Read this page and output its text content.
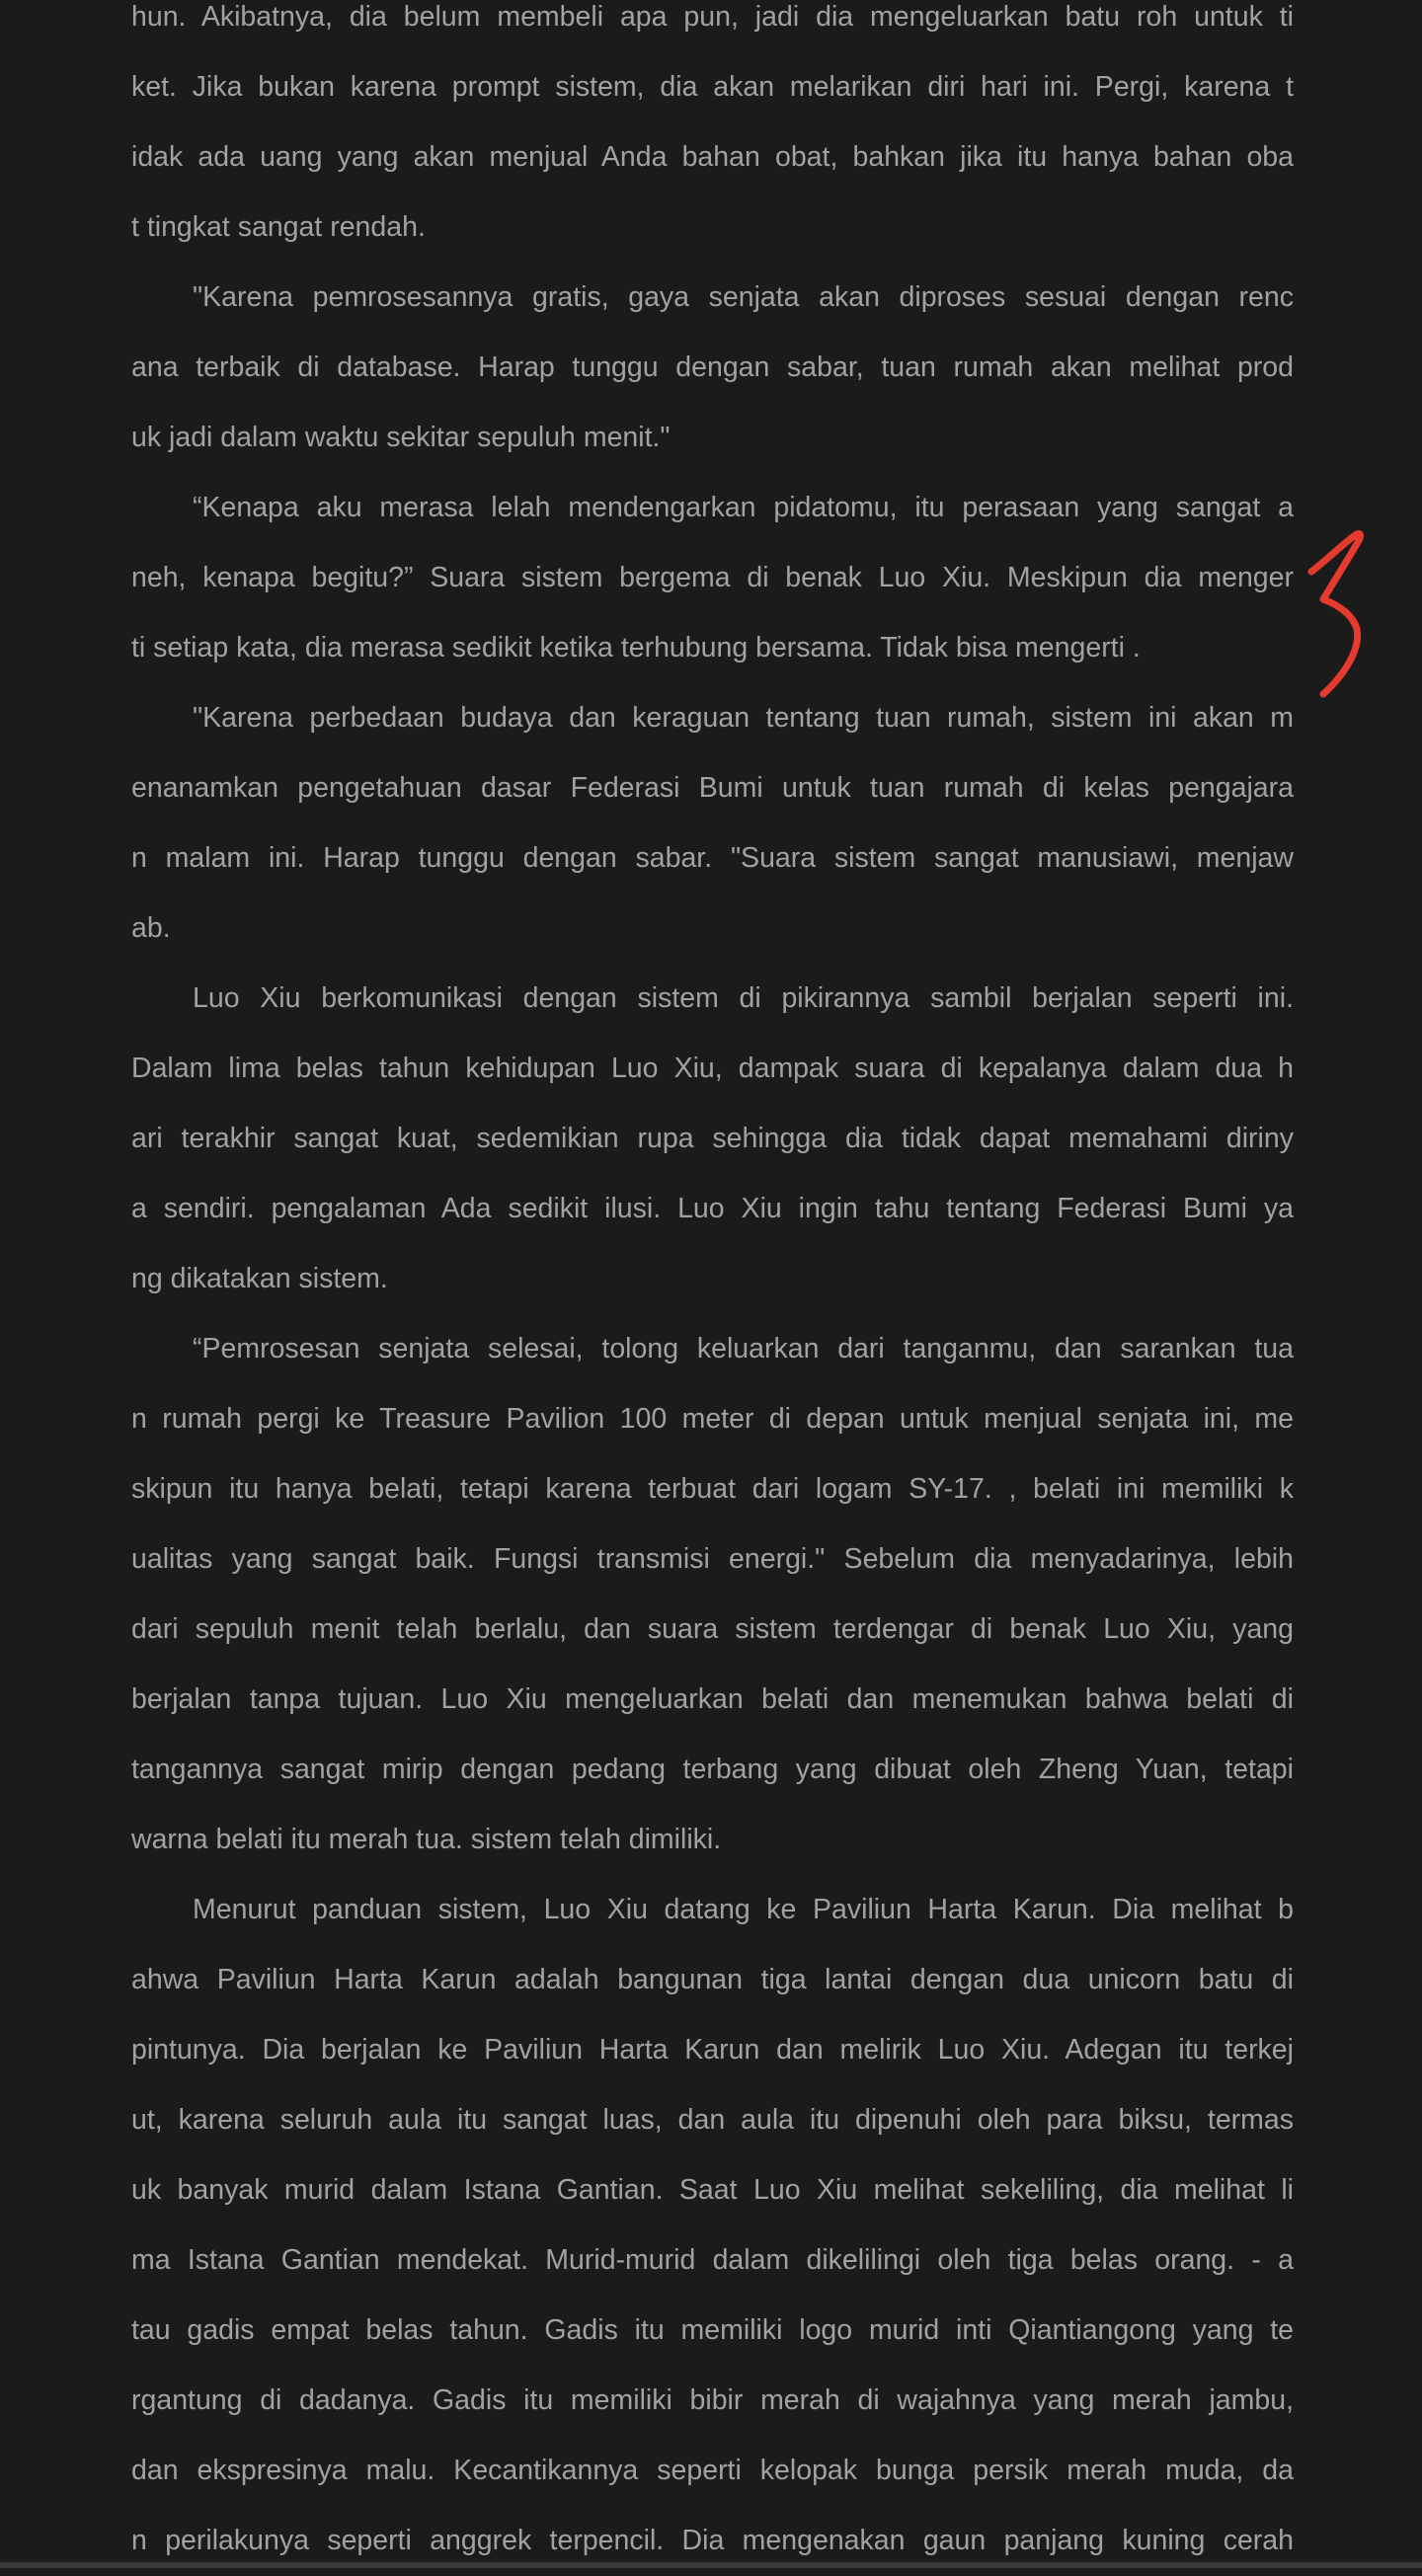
hun. Akibatnya, dia belum membeli apa pun, jadi dia mengeluarkan batu roh untuk ti
ket. Jika bukan karena prompt sistem, dia akan melarikan diri hari ini. Pergi, karena t
idak ada uang yang akan menjual Anda bahan obat, bahkan jika itu hanya bahan oba
t tingkat sangat rendah.
"Karena pemrosesannya gratis, gaya senjata akan diproses sesuai dengan renc
ana terbaik di database. Harap tunggu dengan sabar, tuan rumah akan melihat prod
uk jadi dalam waktu sekitar sepuluh menit."
“Kenapa aku merasa lelah mendengarkan pidatomu, itu perasaan yang sangat a
neh, kenapa begitu?” Suara sistem bergema di benak Luo Xiu. Meskipun dia menger
ti setiap kata, dia merasa sedikit ketika terhubung bersama. Tidak bisa mengerti .
"Karena perbedaan budaya dan keraguan tentang tuan rumah, sistem ini akan m
enanamkan pengetahuan dasar Federasi Bumi untuk tuan rumah di kelas pengajara
n malam ini. Harap tunggu dengan sabar. "Suara sistem sangat manusiawi, menjaw
ab.
Luo Xiu berkomunikasi dengan sistem di pikirannya sambil berjalan seperti ini.
Dalam lima belas tahun kehidupan Luo Xiu, dampak suara di kepalanya dalam dua h
ari terakhir sangat kuat, sedemikian rupa sehingga dia tidak dapat memahami diriny
a sendiri. pengalaman Ada sedikit ilusi. Luo Xiu ingin tahu tentang Federasi Bumi ya
ng dikatakan sistem.
“Pemrosesan senjata selesai, tolong keluarkan dari tanganmu, dan sarankan tua
n rumah pergi ke Treasure Pavilion 100 meter di depan untuk menjual senjata ini, me
skipun itu hanya belati, tetapi karena terbuat dari logam SY-17. , belati ini memiliki k
ualitas yang sangat baik. Fungsi transmisi energi." Sebelum dia menyadarinya, lebih
dari sepuluh menit telah berlalu, dan suara sistem terdengar di benak Luo Xiu, yang
berjalan tanpa tujuan. Luo Xiu mengeluarkan belati dan menemukan bahwa belati di
tangannya sangat mirip dengan pedang terbang yang dibuat oleh Zheng Yuan, tetapi
warna belati itu merah tua. sistem telah dimiliki.
Menurut panduan sistem, Luo Xiu datang ke Paviliun Harta Karun. Dia melihat b
ahwa Paviliun Harta Karun adalah bangunan tiga lantai dengan dua unicorn batu di
pintunya. Dia berjalan ke Paviliun Harta Karun dan melirik Luo Xiu. Adegan itu terkej
ut, karena seluruh aula itu sangat luas, dan aula itu dipenuhi oleh para biksu, termas
uk banyak murid dalam Istana Gantian. Saat Luo Xiu melihat sekeliling, dia melihat li
ma Istana Gantian mendekat. Murid-murid dalam dikelilingi oleh tiga belas orang. - a
tau gadis empat belas tahun. Gadis itu memiliki logo murid inti Qiantiangong yang te
rgantung di dadanya. Gadis itu memiliki bibir merah di wajahnya yang merah jambu,
dan ekspresinya malu. Kecantikannya seperti kelopak bunga persik merah muda, da
n perilakunya seperti anggrek terpencil. Dia mengenakan gaun panjang kuning cerah
